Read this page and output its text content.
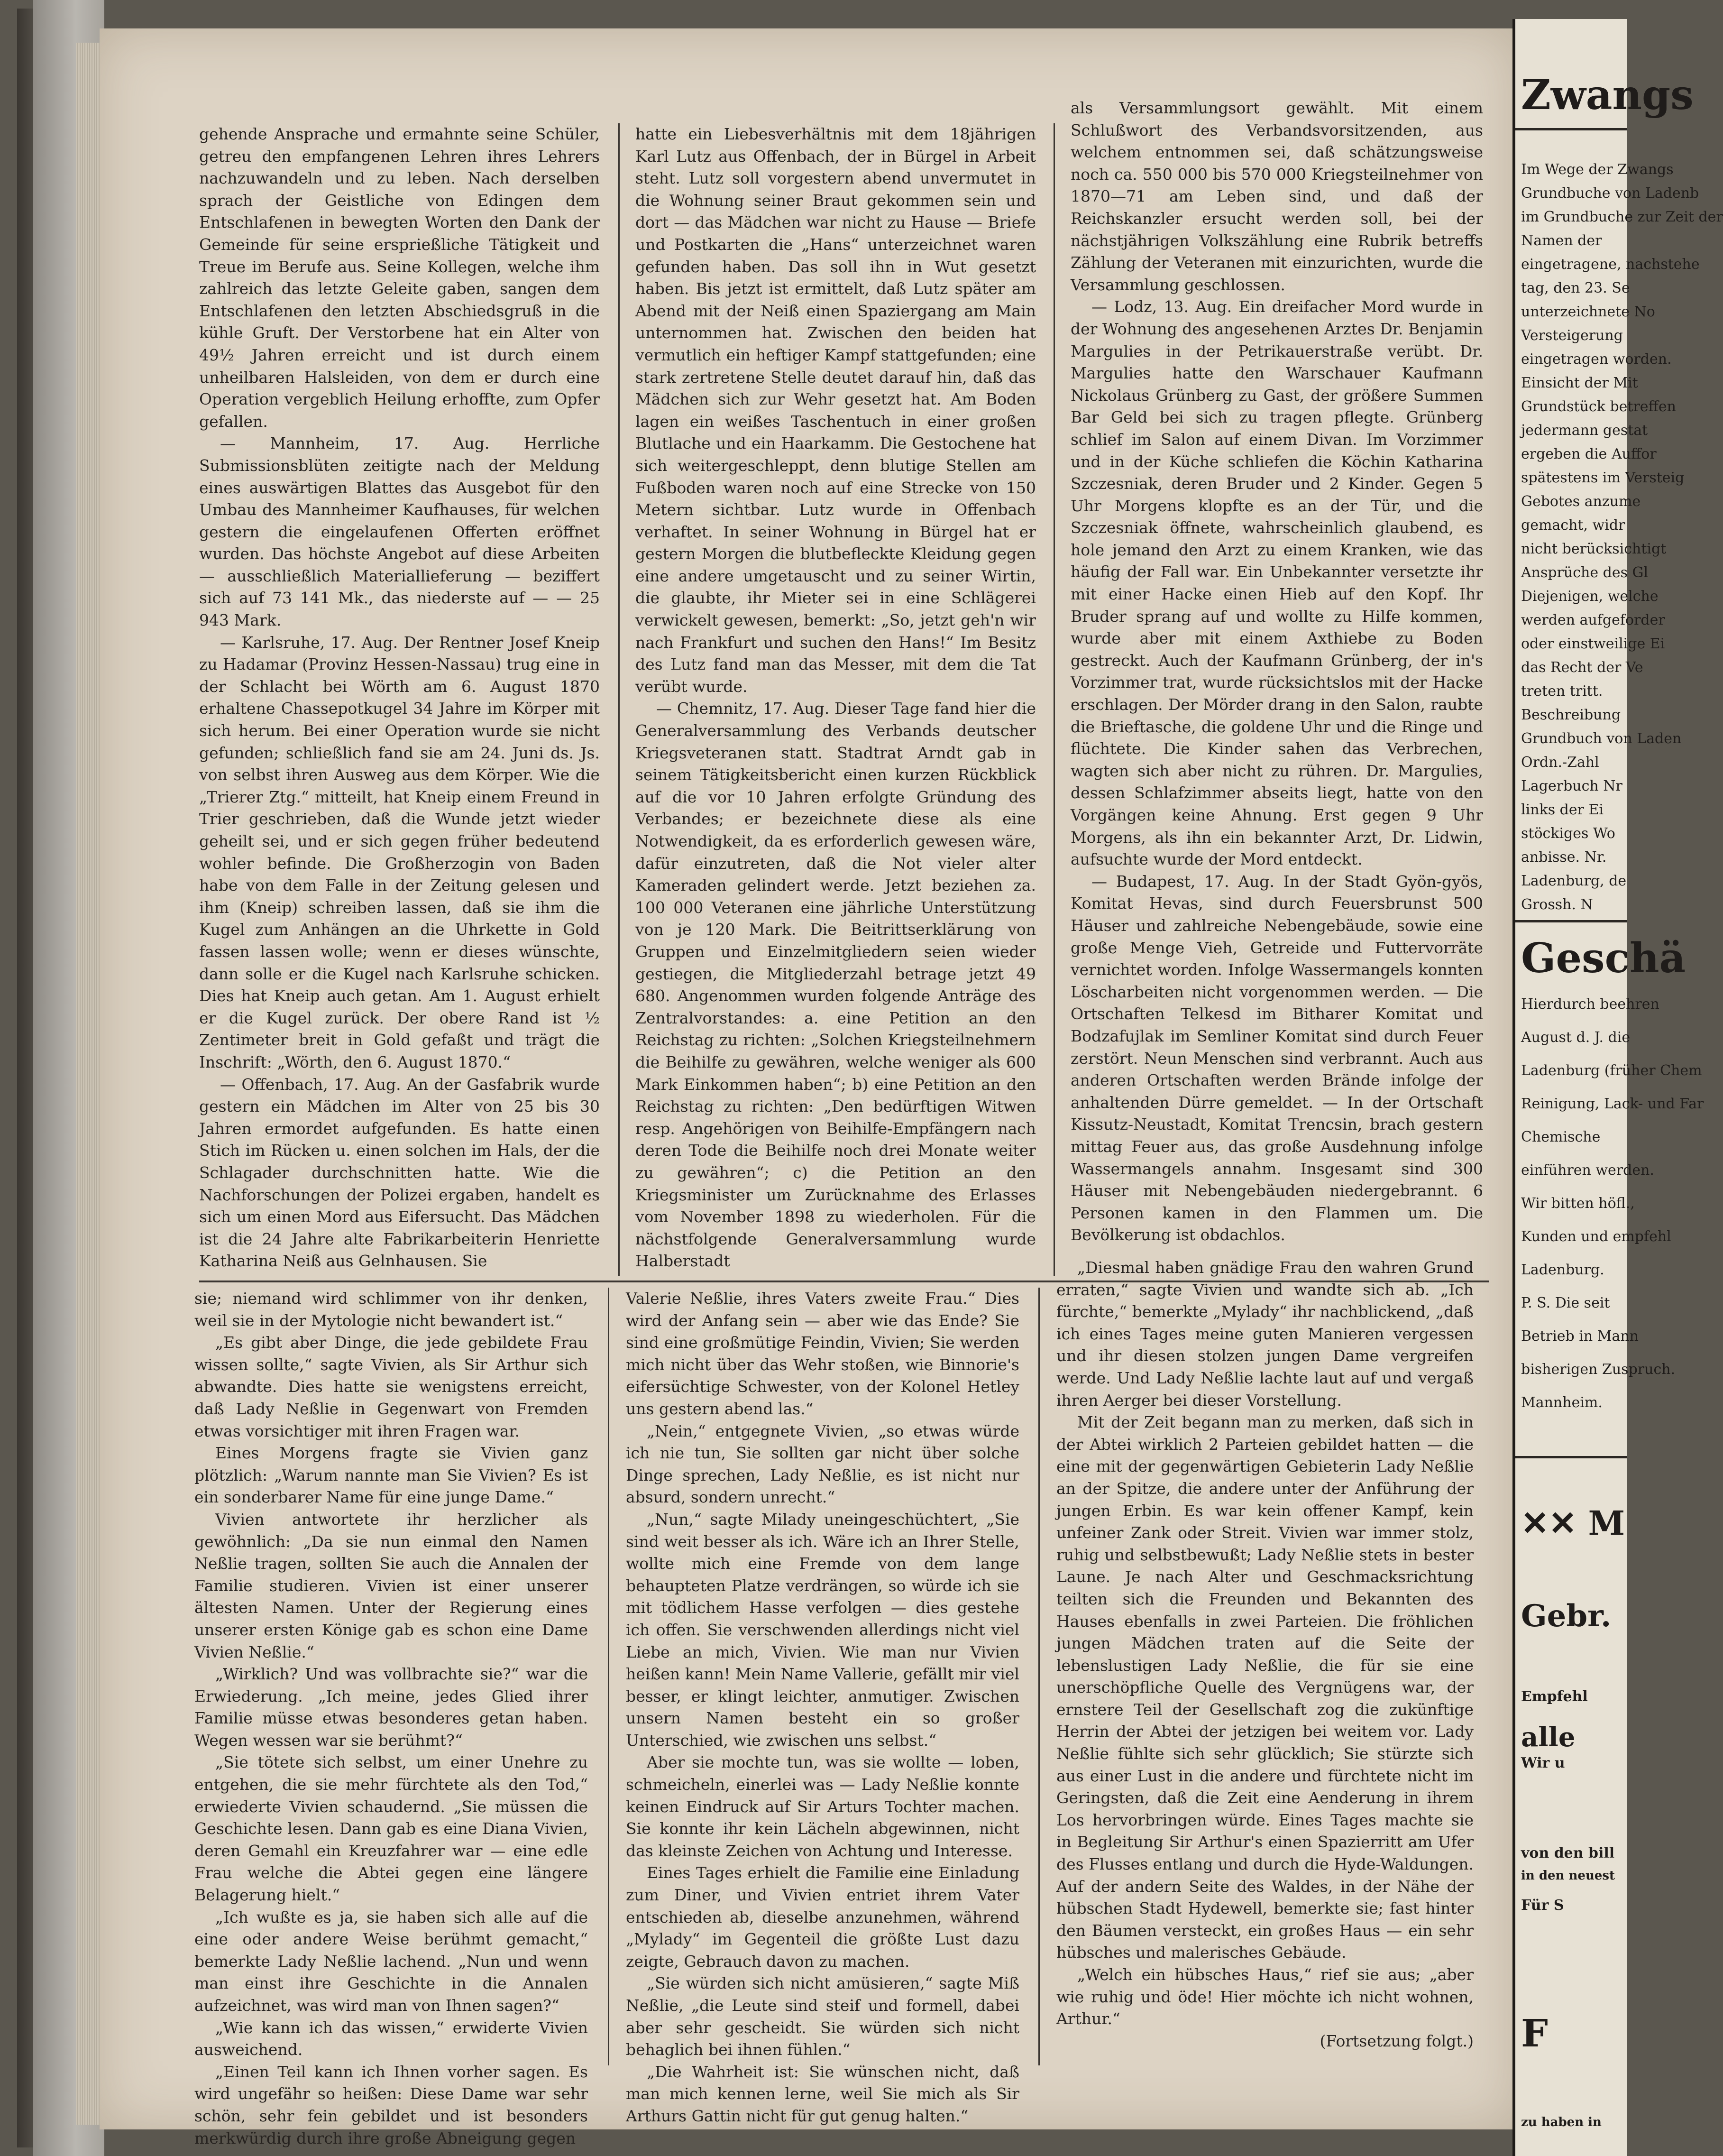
gehende Ansprache und ermahnte seine Schüler, getreu den empfangenen Lehren ihres Lehrers nachzuwandeln und zu leben. Nach derselben sprach der Geistliche von Edingen dem Entschlafenen in bewegten Worten den Dank der Gemeinde für seine ersprießliche Tätigkeit und Treue im Berufe aus. Seine Kollegen, welche ihm zahlreich das letzte Geleite gaben, sangen dem Entschlafenen den letzten Abschiedsgruß in die kühle Gruft. Der Verstorbene hat ein Alter von 49½ Jahren erreicht und ist durch einem unheilbaren Halsleiden, von dem er durch eine Operation vergeblich Heilung erhoffte, zum Opfer gefallen.

— Mannheim, 17. Aug. Herrliche Submissionsblüten zeitigte nach der Meldung eines auswärtigen Blattes das Ausgebot für den Umbau des Mannheimer Kaufhauses, für welchen gestern die eingelaufenen Offerten eröffnet wurden. Das höchste Angebot auf diese Arbeiten — ausschließlich Materiallieferung — beziffert sich auf 73 141 Mk., das niederste auf — — 25 943 Mark.

— Karlsruhe, 17. Aug. Der Rentner Josef Kneip zu Hadamar (Provinz Hessen-Nassau) trug eine in der Schlacht bei Wörth am 6. August 1870 erhaltene Chassepotkugel 34 Jahre im Körper mit sich herum. Bei einer Operation wurde sie nicht gefunden; schließlich fand sie am 24. Juni ds. Js. von selbst ihren Ausweg aus dem Körper. Wie die „Trierer Ztg.“ mitteilt, hat Kneip einem Freund in Trier geschrieben, daß die Wunde jetzt wieder geheilt sei, und er sich gegen früher bedeutend wohler befinde. Die Großherzogin von Baden habe von dem Falle in der Zeitung gelesen und ihm (Kneip) schreiben lassen, daß sie ihm die Kugel zum Anhängen an die Uhrkette in Gold fassen lassen wolle; wenn er dieses wünschte, dann solle er die Kugel nach Karlsruhe schicken. Dies hat Kneip auch getan. Am 1. August erhielt er die Kugel zurück. Der obere Rand ist ½ Zentimeter breit in Gold gefaßt und trägt die Inschrift: „Wörth, den 6. August 1870.“

— Offenbach, 17. Aug. An der Gasfabrik wurde gestern ein Mädchen im Alter von 25 bis 30 Jahren ermordet aufgefunden. Es hatte einen Stich im Rücken u. einen solchen im Hals, der die Schlagader durchschnitten hatte. Wie die Nachforschungen der Polizei ergaben, handelt es sich um einen Mord aus Eifersucht. Das Mädchen ist die 24 Jahre alte Fabrikarbeiterin Henriette Katharina Neiß aus Gelnhausen. Sie

hatte ein Liebesverhältnis mit dem 18jährigen Karl Lutz aus Offenbach, der in Bürgel in Arbeit steht. Lutz soll vorgestern abend unvermutet in die Wohnung seiner Braut gekommen sein und dort — das Mädchen war nicht zu Hause — Briefe und Postkarten die „Hans“ unterzeichnet waren gefunden haben. Das soll ihn in Wut gesetzt haben. Bis jetzt ist ermittelt, daß Lutz später am Abend mit der Neiß einen Spaziergang am Main unternommen hat. Zwischen den beiden hat vermutlich ein heftiger Kampf stattgefunden; eine stark zertretene Stelle deutet darauf hin, daß das Mädchen sich zur Wehr gesetzt hat. Am Boden lagen ein weißes Taschentuch in einer großen Blutlache und ein Haarkamm. Die Gestochene hat sich weitergeschleppt, denn blutige Stellen am Fußboden waren noch auf eine Strecke von 150 Metern sichtbar. Lutz wurde in Offenbach verhaftet. In seiner Wohnung in Bürgel hat er gestern Morgen die blutbefleckte Kleidung gegen eine andere umgetauscht und zu seiner Wirtin, die glaubte, ihr Mieter sei in eine Schlägerei verwickelt gewesen, bemerkt: „So, jetzt geh'n wir nach Frankfurt und suchen den Hans!“ Im Besitz des Lutz fand man das Messer, mit dem die Tat verübt wurde.

— Chemnitz, 17. Aug. Dieser Tage fand hier die Generalversammlung des Verbands deutscher Kriegsveteranen statt. Stadtrat Arndt gab in seinem Tätigkeitsbericht einen kurzen Rückblick auf die vor 10 Jahren erfolgte Gründung des Verbandes; er bezeichnete diese als eine Notwendigkeit, da es erforderlich gewesen wäre, dafür einzutreten, daß die Not vieler alter Kameraden gelindert werde. Jetzt beziehen za. 100 000 Veteranen eine jährliche Unterstützung von je 120 Mark. Die Beitrittserklärung von Gruppen und Einzelmitgliedern seien wieder gestiegen, die Mitgliederzahl betrage jetzt 49 680. Angenommen wurden folgende Anträge des Zentralvorstandes: a. eine Petition an den Reichstag zu richten: „Solchen Kriegsteilnehmern die Beihilfe zu gewähren, welche weniger als 600 Mark Einkommen haben“; b) eine Petition an den Reichstag zu richten: „Den bedürftigen Witwen resp. Angehörigen von Beihilfe-Empfängern nach deren Tode die Beihilfe noch drei Monate weiter zu gewähren“; c) die Petition an den Kriegsminister um Zurücknahme des Erlasses vom November 1898 zu wiederholen. Für die nächstfolgende Generalversammlung wurde Halberstadt

als Versammlungsort gewählt. Mit einem Schlußwort des Verbandsvorsitzenden, aus welchem entnommen sei, daß schätzungsweise noch ca. 550 000 bis 570 000 Kriegsteilnehmer von 1870—71 am Leben sind, und daß der Reichskanzler ersucht werden soll, bei der nächstjährigen Volkszählung eine Rubrik betreffs Zählung der Veteranen mit einzurichten, wurde die Versammlung geschlossen.

— Lodz, 13. Aug. Ein dreifacher Mord wurde in der Wohnung des angesehenen Arztes Dr. Benjamin Margulies in der Petrikauerstraße verübt. Dr. Margulies hatte den Warschauer Kaufmann Nickolaus Grünberg zu Gast, der größere Summen Bar Geld bei sich zu tragen pflegte. Grünberg schlief im Salon auf einem Divan. Im Vorzimmer und in der Küche schliefen die Köchin Katharina Szczesniak, deren Bruder und 2 Kinder. Gegen 5 Uhr Morgens klopfte es an der Tür, und die Szczesniak öffnete, wahrscheinlich glaubend, es hole jemand den Arzt zu einem Kranken, wie das häufig der Fall war. Ein Unbekannter versetzte ihr mit einer Hacke einen Hieb auf den Kopf. Ihr Bruder sprang auf und wollte zu Hilfe kommen, wurde aber mit einem Axthiebe zu Boden gestreckt. Auch der Kaufmann Grünberg, der in's Vorzimmer trat, wurde rücksichtslos mit der Hacke erschlagen. Der Mörder drang in den Salon, raubte die Brieftasche, die goldene Uhr und die Ringe und flüchtete. Die Kinder sahen das Verbrechen, wagten sich aber nicht zu rühren. Dr. Margulies, dessen Schlafzimmer abseits liegt, hatte von den Vorgängen keine Ahnung. Erst gegen 9 Uhr Morgens, als ihn ein bekannter Arzt, Dr. Lidwin, aufsuchte wurde der Mord entdeckt.

— Budapest, 17. Aug. In der Stadt Gyön-gyös, Komitat Hevas, sind durch Feuersbrunst 500 Häuser und zahlreiche Nebengebäude, sowie eine große Menge Vieh, Getreide und Futtervorräte vernichtet worden. Infolge Wassermangels konnten Löscharbeiten nicht vorgenommen werden. — Die Ortschaften Telkesd im Bitharer Komitat und Bodzafujlak im Semliner Komitat sind durch Feuer zerstört. Neun Menschen sind verbrannt. Auch aus anderen Ortschaften werden Brände infolge der anhaltenden Dürre gemeldet. — In der Ortschaft Kissutz-Neustadt, Komitat Trencsin, brach gestern mittag Feuer aus, das große Ausdehnung infolge Wassermangels annahm. Insgesamt sind 300 Häuser mit Nebengebäuden niedergebrannt. 6 Personen kamen in den Flammen um. Die Bevölkerung ist obdachlos.

sie; niemand wird schlimmer von ihr denken, weil sie in der Mytologie nicht bewandert ist.“

„Es gibt aber Dinge, die jede gebildete Frau wissen sollte,“ sagte Vivien, als Sir Arthur sich abwandte. Dies hatte sie wenigstens erreicht, daß Lady Neßlie in Gegenwart von Fremden etwas vorsichtiger mit ihren Fragen war.

Eines Morgens fragte sie Vivien ganz plötzlich: „Warum nannte man Sie Vivien? Es ist ein sonderbarer Name für eine junge Dame.“

Vivien antwortete ihr herzlicher als gewöhnlich: „Da sie nun einmal den Namen Neßlie tragen, sollten Sie auch die Annalen der Familie studieren. Vivien ist einer unserer ältesten Namen. Unter der Regierung eines unserer ersten Könige gab es schon eine Dame Vivien Neßlie.“

„Wirklich? Und was vollbrachte sie?“ war die Erwiederung. „Ich meine, jedes Glied ihrer Familie müsse etwas besonderes getan haben. Wegen wessen war sie berühmt?“

„Sie tötete sich selbst, um einer Unehre zu entgehen, die sie mehr fürchtete als den Tod,“ erwiederte Vivien schaudernd. „Sie müssen die Geschichte lesen. Dann gab es eine Diana Vivien, deren Gemahl ein Kreuzfahrer war — eine edle Frau welche die Abtei gegen eine längere Belagerung hielt.“

„Ich wußte es ja, sie haben sich alle auf die eine oder andere Weise berühmt gemacht,“ bemerkte Lady Neßlie lachend. „Nun und wenn man einst ihre Geschichte in die Annalen aufzeichnet, was wird man von Ihnen sagen?“

„Wie kann ich das wissen,“ erwiderte Vivien ausweichend.

„Einen Teil kann ich Ihnen vorher sagen. Es wird ungefähr so heißen: Diese Dame war sehr schön, sehr fein gebildet und ist besonders merkwürdig durch ihre große Abneigung gegen

Valerie Neßlie, ihres Vaters zweite Frau.“ Dies wird der Anfang sein — aber wie das Ende? Sie sind eine großmütige Feindin, Vivien; Sie werden mich nicht über das Wehr stoßen, wie Binnorie's eifersüchtige Schwester, von der Kolonel Hetley uns gestern abend las.“

„Nein,“ entgegnete Vivien, „so etwas würde ich nie tun, Sie sollten gar nicht über solche Dinge sprechen, Lady Neßlie, es ist nicht nur absurd, sondern unrecht.“

„Nun,“ sagte Milady uneingeschüchtert, „Sie sind weit besser als ich. Wäre ich an Ihrer Stelle, wollte mich eine Fremde von dem lange behaupteten Platze verdrängen, so würde ich sie mit tödlichem Hasse verfolgen — dies gestehe ich offen. Sie verschwenden allerdings nicht viel Liebe an mich, Vivien. Wie man nur Vivien heißen kann! Mein Name Vallerie, gefällt mir viel besser, er klingt leichter, anmutiger. Zwischen unsern Namen besteht ein so großer Unterschied, wie zwischen uns selbst.“

Aber sie mochte tun, was sie wollte — loben, schmeicheln, einerlei was — Lady Neßlie konnte keinen Eindruck auf Sir Arturs Tochter machen. Sie konnte ihr kein Lächeln abgewinnen, nicht das kleinste Zeichen von Achtung und Interesse.

Eines Tages erhielt die Familie eine Einladung zum Diner, und Vivien entriet ihrem Vater entschieden ab, dieselbe anzunehmen, während „Mylady“ im Gegenteil die größte Lust dazu zeigte, Gebrauch davon zu machen.

„Sie würden sich nicht amüsieren,“ sagte Miß Neßlie, „die Leute sind steif und formell, dabei aber sehr gescheidt. Sie würden sich nicht behaglich bei ihnen fühlen.“

„Die Wahrheit ist: Sie wünschen nicht, daß man mich kennen lerne, weil Sie mich als Sir Arthurs Gattin nicht für gut genug halten.“

„Diesmal haben gnädige Frau den wahren Grund erraten,“ sagte Vivien und wandte sich ab. „Ich fürchte,“ bemerkte „Mylady“ ihr nachblickend, „daß ich eines Tages meine guten Manieren vergessen und ihr diesen stolzen jungen Dame vergreifen werde. Und Lady Neßlie lachte laut auf und vergaß ihren Aerger bei dieser Vorstellung.

Mit der Zeit begann man zu merken, daß sich in der Abtei wirklich 2 Parteien gebildet hatten — die eine mit der gegenwärtigen Gebieterin Lady Neßlie an der Spitze, die andere unter der Anführung der jungen Erbin. Es war kein offener Kampf, kein unfeiner Zank oder Streit. Vivien war immer stolz, ruhig und selbstbewußt; Lady Neßlie stets in bester Laune. Je nach Alter und Geschmacksrichtung teilten sich die Freunden und Bekannten des Hauses ebenfalls in zwei Parteien. Die fröhlichen jungen Mädchen traten auf die Seite der lebenslustigen Lady Neßlie, die für sie eine unerschöpfliche Quelle des Vergnügens war, der ernstere Teil der Gesellschaft zog die zukünftige Herrin der Abtei der jetzigen bei weitem vor. Lady Neßlie fühlte sich sehr glücklich; Sie stürzte sich aus einer Lust in die andere und fürchtete nicht im Geringsten, daß die Zeit eine Aenderung in ihrem Los hervorbringen würde. Eines Tages machte sie in Begleitung Sir Arthur's einen Spazierritt am Ufer des Flusses entlang und durch die Hyde-Waldungen. Auf der andern Seite des Waldes, in der Nähe der hübschen Stadt Hydewell, bemerkte sie; fast hinter den Bäumen versteckt, ein großes Haus — ein sehr hübsches und malerisches Gebäude.

„Welch ein hübsches Haus,“ rief sie aus; „aber wie ruhig und öde! Hier möchte ich nicht wohnen, Arthur.“

(Fortsetzung folgt.)

Zwangs
Im Wege der Zwangs
Grundbuche von Ladenb
im Grundbuche zur Zeit der
Namen der
eingetragene, nachstehe
tag, den 23. Se
unterzeichnete No
Versteigerung
eingetragen worden.
Einsicht der Mit
Grundstück betreffen
jedermann gestat
ergeben die Auffor
spätestens im Versteig
Gebotes anzume
gemacht, widr
nicht berücksichtigt
Ansprüche des Gl
Diejenigen, welche
werden aufgeforder
oder einstweilige Ei
das Recht der Ve
treten tritt.
Beschreibung
Grundbuch von Laden
Ordn.-Zahl
Lagerbuch Nr
links der Ei
stöckiges Wo
anbisse. Nr.
Ladenburg, de
Grossh. N
Geschä
Hierdurch beehren
August d. J. die
Ladenburg (früher Chem
Reinigung, Lack- und Far
Chemische
einführen werden.
Wir bitten höfl.,
Kunden und empfehl
Ladenburg.
P. S. Die seit
Betrieb in Mann
bisherigen Zuspruch.
Mannheim.
✕✕ M
Gebr.
Empfehl
alle
Wir u
von den bill
in den neuest
Für S
F
zu haben in
